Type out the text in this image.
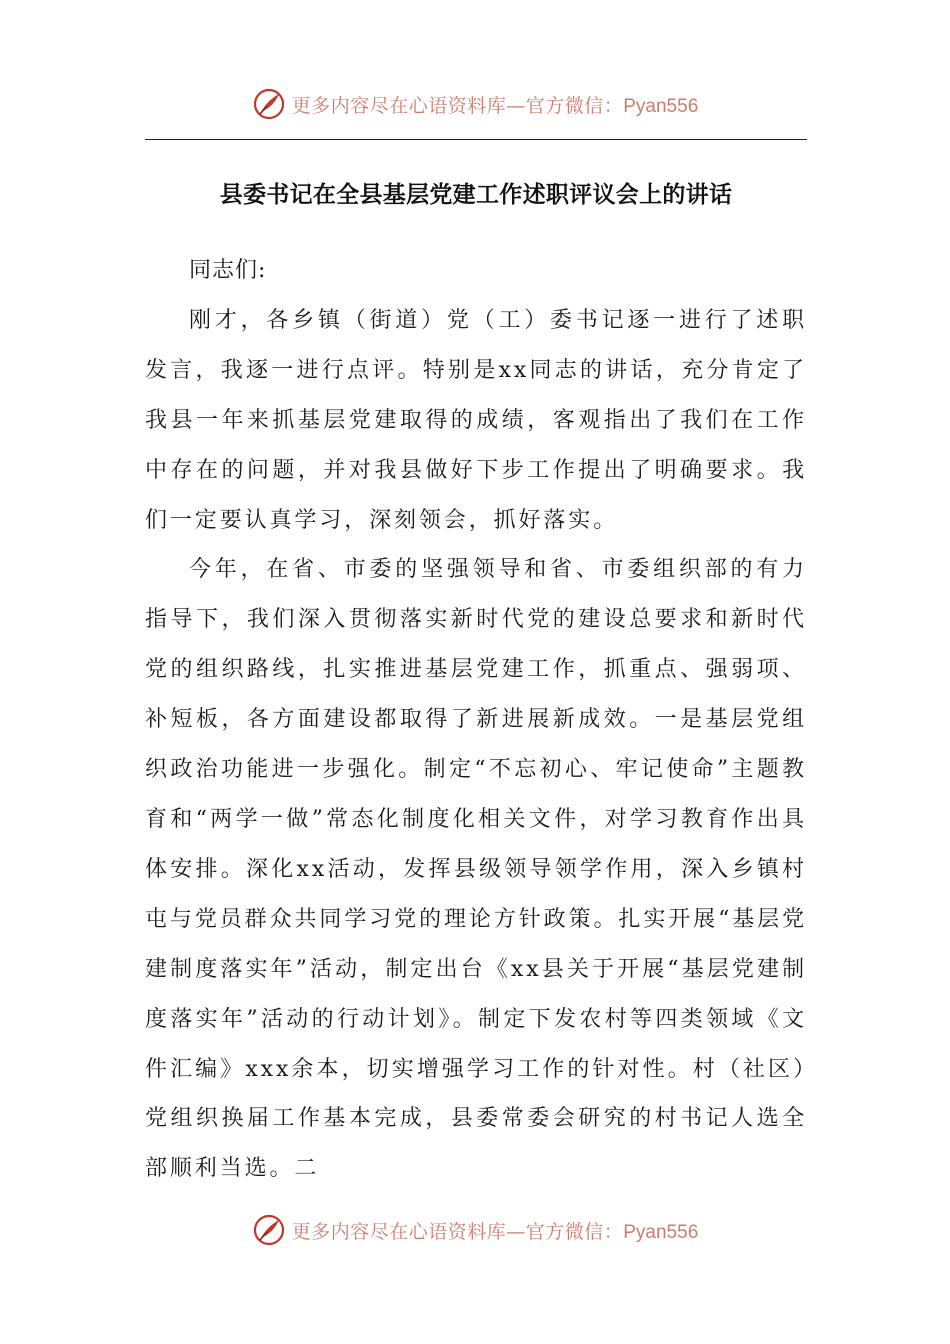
更多内容尽在心语资料库—官方微信：Pyan556
县委书记在全县基层党建工作述职评议会上的讲话

同志们:

刚才，各乡镇（街道）党（工）委书记逐一进行了述职发言，我逐一进行点评。特别是xx同志的讲话，充分肯定了我县一年来抓基层党建取得的成绩，客观指出了我们在工作中存在的问题，并对我县做好下步工作提出了明确要求。我们一定要认真学习，深刻领会，抓好落实。

今年，在省、市委的坚强领导和省、市委组织部的有力指导下，我们深入贯彻落实新时代党的建设总要求和新时代党的组织路线，扎实推进基层党建工作，抓重点、强弱项、补短板，各方面建设都取得了新进展新成效。一是基层党组织政治功能进一步强化。制定“不忘初心、牢记使命”主题教育和“两学一做”常态化制度化相关文件，对学习教育作出具体安排。深化xx活动，发挥县级领导领学作用，深入乡镇村屯与党员群众共同学习党的理论方针政策。扎实开展“基层党建制度落实年”活动，制定出台《xx县关于开展“基层党建制度落实年”活动的行动计划》。制定下发农村等四类领域《文件汇编》xxx余本，切实增强学习工作的针对性。村（社区）党组织换届工作基本完成，县委常委会研究的村书记人选全部顺利当选。二

更多内容尽在心语资料库—官方微信：Pyan556
